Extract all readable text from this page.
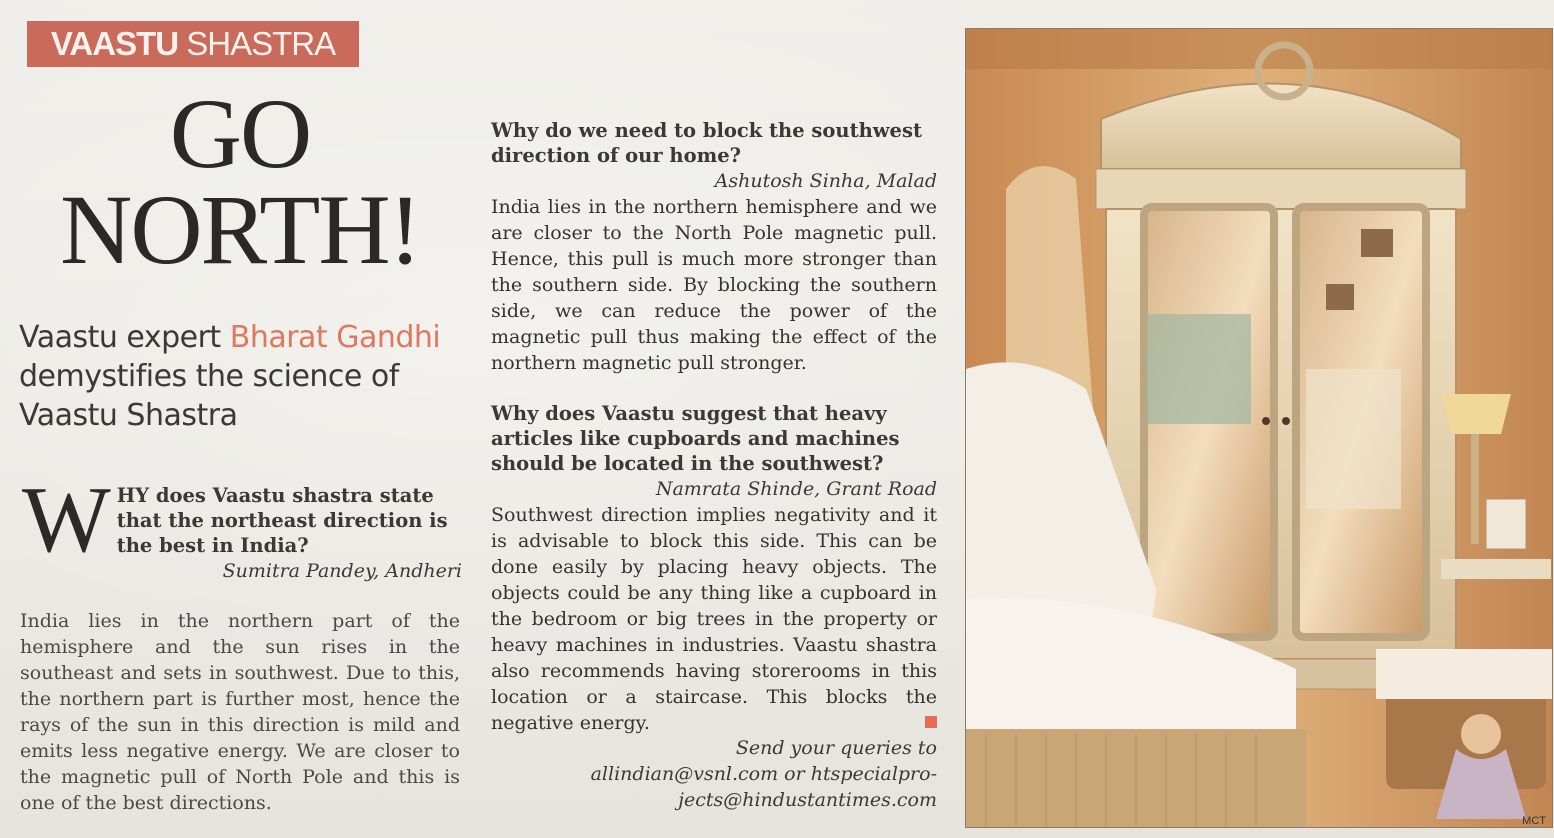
VAASTU SHASTRA
GO
NORTH!
Vaastu expert Bharat Gandhi demystifies the science of Vaastu Shastra
W HY does Vaastu shastra state that the northeast direction is the best in India?
Sumitra Pandey, Andheri
India lies in the northern part of the hemisphere and the sun rises in the southeast and sets in southwest. Due to this, the northern part is further most, hence the rays of the sun in this direction is mild and emits less negative energy. We are closer to the magnetic pull of North Pole and this is one of the best directions.
Why do we need to block the southwest direction of our home?
Ashutosh Sinha, Malad
India lies in the northern hemisphere and we are closer to the North Pole magnetic pull. Hence, this pull is much more stronger than the southern side. By blocking the southern side, we can reduce the power of the magnetic pull thus making the effect of the northern magnetic pull stronger.
Why does Vaastu suggest that heavy articles like cupboards and machines should be located in the southwest?
Namrata Shinde, Grant Road
Southwest direction implies negativity and it is advisable to block this side. This can be done easily by placing heavy objects. The objects could be any thing like a cupboard in the bedroom or big trees in the property or heavy machines in industries. Vaastu shastra also recommends having storerooms in this location or a staircase. This blocks the negative energy.
Send your queries to
allindian@vsnl.com or htspecialpro-
jects@hindustantimes.com
MCT
